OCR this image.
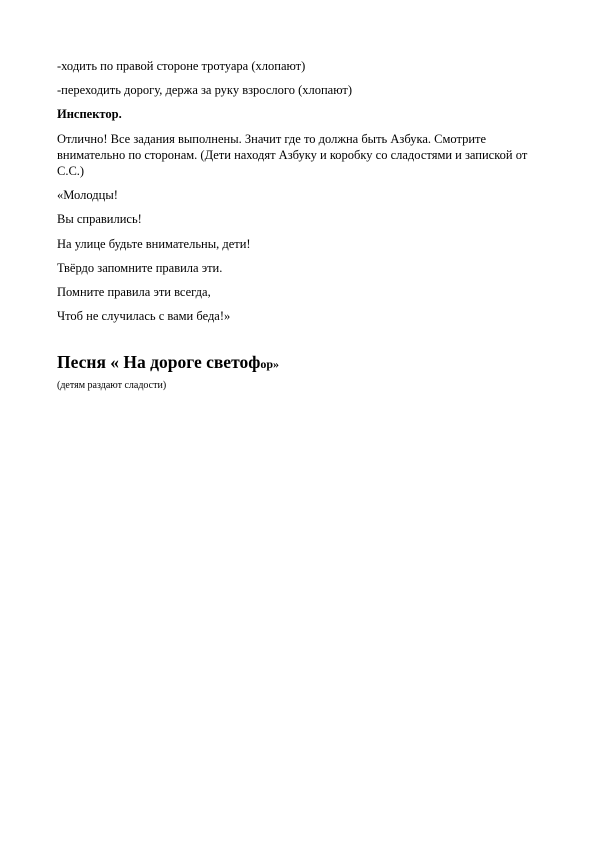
-ходить по правой стороне тротуара (хлопают)

-переходить дорогу, держа за руку взрослого (хлопают)

Инспектор.

Отлично! Все задания выполнены. Значит где то должна быть Азбука. Смотрите внимательно по сторонам. (Дети находят Азбуку и коробку со сладостями и запиской от С.С.)

«Молодцы!

Вы справились!

На улице будьте внимательны, дети!

Твёрдо запомните правила эти.

Помните правила эти всегда,

Чтоб не случилась с вами беда!»

Песня « На дороге светофор»

(детям раздают сладости)
